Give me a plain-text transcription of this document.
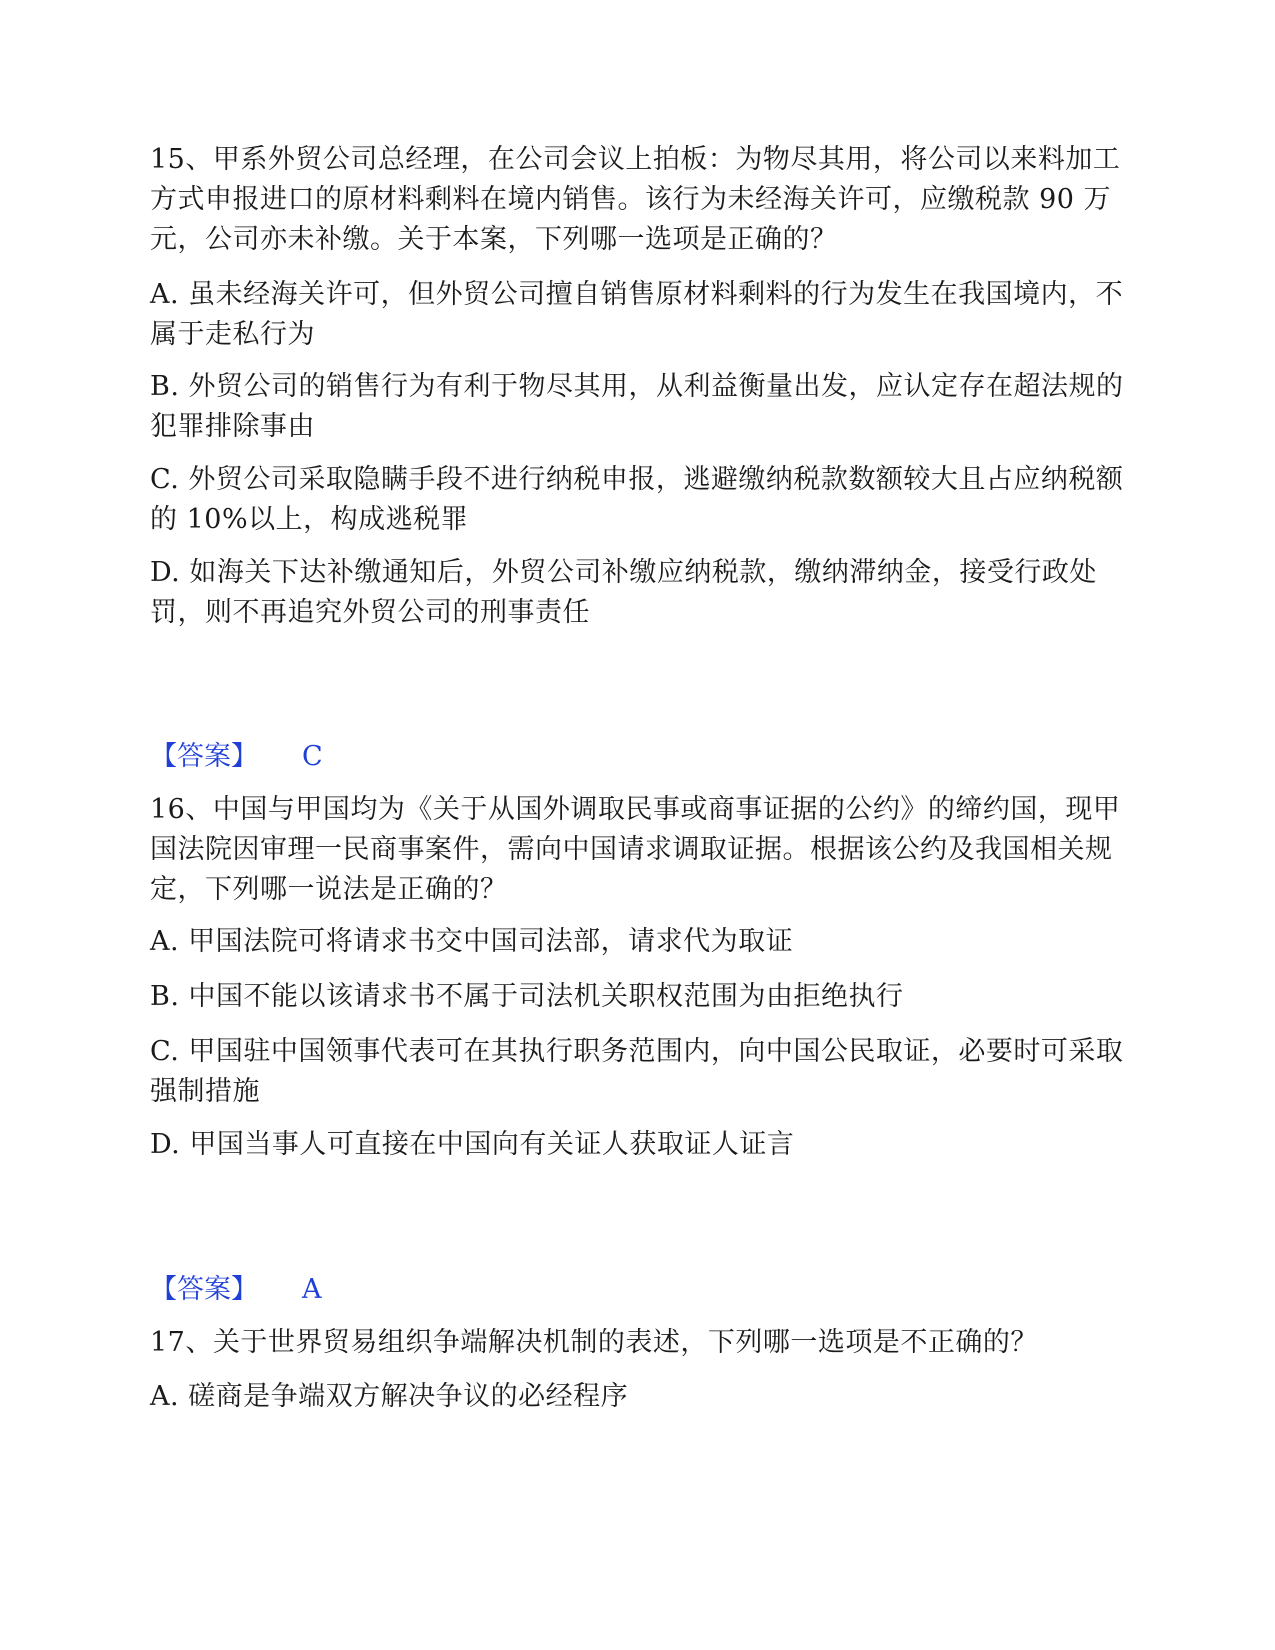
15、甲系外贸公司总经理，在公司会议上拍板：为物尽其用，将公司以来料加工方式申报进口的原材料剩料在境内销售。该行为未经海关许可，应缴税款 90 万元，公司亦未补缴。关于本案，下列哪一选项是正确的？

A. 虽未经海关许可，但外贸公司擅自销售原材料剩料的行为发生在我国境内，不属于走私行为

B. 外贸公司的销售行为有利于物尽其用，从利益衡量出发，应认定存在超法规的犯罪排除事由

C. 外贸公司采取隐瞒手段不进行纳税申报，逃避缴纳税款数额较大且占应纳税额的 10%以上，构成逃税罪

D. 如海关下达补缴通知后，外贸公司补缴应纳税款，缴纳滞纳金，接受行政处罚，则不再追究外贸公司的刑事责任

【答案】 C

16、中国与甲国均为《关于从国外调取民事或商事证据的公约》的缔约国，现甲国法院因审理一民商事案件，需向中国请求调取证据。根据该公约及我国相关规定，下列哪一说法是正确的？

A. 甲国法院可将请求书交中国司法部，请求代为取证

B. 中国不能以该请求书不属于司法机关职权范围为由拒绝执行

C. 甲国驻中国领事代表可在其执行职务范围内，向中国公民取证，必要时可采取强制措施

D. 甲国当事人可直接在中国向有关证人获取证人证言

【答案】 A

17、关于世界贸易组织争端解决机制的表述，下列哪一选项是不正确的？

A. 磋商是争端双方解决争议的必经程序
